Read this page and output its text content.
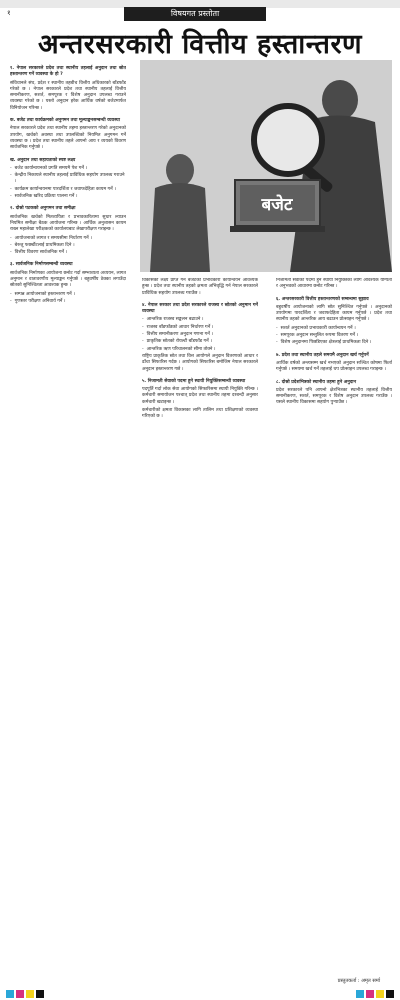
१	विषयगत प्रस्तोता
अन्तरसरकारी वित्तीय हस्तान्तरण

१. नेपाल सरकारले प्रदेश तथा स्थानीय तहलाई अनुदान तथा स्रोत हस्तान्तरण गर्ने व्यवस्था के हो ?

संविधानले संघ, प्रदेश र स्थानीय तहबीच वित्तीय अधिकारको बाँडफाँड गरेको छ । नेपाल सरकारले प्रदेश तथा स्थानीय तहलाई वित्तीय समानीकरण, सशर्त, समपूरक र विशेष अनुदान उपलब्ध गराउने व्यवस्था गरेको छ । यस्तो अनुदान हरेक आर्थिक वर्षको बजेटमार्फत विनियोजन गरिन्छ ।

क. बजेट तथा कार्यक्रमको अनुगमन तथा मूल्याङ्कनसम्बन्धी व्यवस्था

नेपाल सरकारले प्रदेश तथा स्थानीय तहमा हस्तान्तरण गरेको अनुदानको उपयोग, खर्चको अवस्था तथा उपलब्धिको नियमित अनुगमन गर्ने व्यवस्था छ । प्रदेश तथा स्थानीय तहले आफ्नो आय र व्ययको विवरण सार्वजनिक गर्नुपर्छ ।

ख. अनुदान तथा सहायताको स्पष्ट लक्ष्य

- बजेट कार्यान्वयनको प्रगति समयमै पेश गर्ने ।
- केन्द्रीय निकायले स्थानीय तहलाई प्राविधिक सहयोग उपलब्ध गराउने ।
- कार्यक्रम कार्यान्वयनमा पारदर्शिता र जवाफदेहिता कायम गर्ने ।
- सार्वजनिक खरिद प्रक्रिया पालना गर्ने ।

२. दोस्रो पटकको अनुगमन तथा समीक्षा

सार्वजनिक खर्चको मितव्ययिता र प्रभावकारितामा सुधार ल्याउन नियमित समीक्षा बैठक आयोजना गरिन्छ । आर्थिक अनुशासन कायम राख्न महालेखा परीक्षकको कार्यालयबाट लेखापरीक्षण गराइन्छ ।

- आयोजनाको लागत र समयसीमा निर्धारण गर्ने ।
- बेरुजु फर्छ्यौटलाई प्राथमिकता दिने ।
- वित्तीय विवरण सार्वजनिक गर्ने ।

३. सार्वजनिक निर्माणसम्बन्धी व्यवस्था

सार्वजनिक निर्माणका आयोजना छनोट गर्दा सम्भाव्यता अध्ययन, लागत अनुमान र वातावरणीय मूल्याङ्कन गर्नुपर्छ । बहुवर्षीय ठेक्का लगाउँदा स्रोतको सुनिश्चितता आवश्यक हुन्छ ।

- सम्पन्न आयोजनाको हस्तान्तरण गर्ने ।
- गुणस्तर परीक्षण अनिवार्य गर्ने ।
बजेट

विकासको लक्ष्य प्राप्त गर्न बजेटको प्रभावकारी कार्यान्वयन आवश्यक हुन्छ । प्रदेश तथा स्थानीय तहको क्षमता अभिवृद्धि गर्न नेपाल सरकारले प्राविधिक सहयोग उपलब्ध गराउँछ ।

४. नेपाल सरकार तथा प्रदेश सरकारले राजस्व र स्रोतको अनुमान गर्ने व्यवस्था

- आन्तरिक राजस्व सङ्कलन बढाउने ।
- राजस्व बाँडफाँडको आधार निर्धारण गर्ने ।
- वित्तीय समानीकरण अनुदान गणना गर्ने ।
- प्राकृतिक स्रोतको रोयल्टी बाँडफाँड गर्ने ।
- आन्तरिक ऋण परिचालनको सीमा तोक्ने ।

राष्ट्रिय प्राकृतिक स्रोत तथा वित्त आयोगले अनुदान वितरणको आधार र ढाँचा सिफारिस गर्दछ । आयोगको सिफारिस बमोजिम नेपाल सरकारले अनुदान हस्तान्तरण गर्छ ।

५. निजामती सेवाको पदमा हुने स्थायी नियुक्तिसम्बन्धी व्यवस्था

पदपूर्ति गर्दा लोक सेवा आयोगको सिफारिसमा स्थायी नियुक्ति गरिन्छ । कर्मचारी समायोजन पश्चात् प्रदेश तथा स्थानीय तहमा दरबन्दी अनुसार कर्मचारी खटाइन्छ ।

कर्मचारीको क्षमता विकासका लागि तालिम तथा प्रशिक्षणको व्यवस्था गरिएको छ ।

निजामती सेवाको पदमा हुने स्थायी नियुक्तिका लागि आवश्यक योग्यता र अनुभवको आधारमा छनोट गरिन्छ ।

६. अन्तरसरकारी वित्तीय हस्तान्तरणको सम्बन्धमा सुझाव

बहुवर्षीय आयोजनाको लागि स्रोत सुनिश्चित गर्नुपर्छ । अनुदानको उपयोगमा पारदर्शिता र जवाफदेहिता कायम गर्नुपर्छ । प्रदेश तथा स्थानीय तहको आन्तरिक आय बढाउन प्रोत्साहन गर्नुपर्छ ।

- सशर्त अनुदानको प्रभावकारी कार्यान्वयन गर्ने ।
- समपूरक अनुदान सन्तुलित रूपमा वितरण गर्ने ।
- विशेष अनुदानमा पिछडिएका क्षेत्रलाई प्राथमिकता दिने ।

७. प्रदेश तथा स्थानीय तहले समयमै अनुदान खर्च गर्नुपर्ने

आर्थिक वर्षको अन्त्यसम्म खर्च नभएको अनुदान सञ्चित कोषमा फिर्ता गर्नुपर्छ । समयमा खर्च गर्ने तहलाई थप प्रोत्साहन उपलब्ध गराइन्छ ।

८. दोस्रो प्रदेशभित्रको स्थानीय तहमा हुने अनुदान

प्रदेश सरकारले पनि आफ्नो क्षेत्रभित्रका स्थानीय तहलाई वित्तीय समानीकरण, सशर्त, समपूरक र विशेष अनुदान उपलब्ध गराउँछ । यसले स्थानीय विकासमा सहयोग पुर्‍याउँछ ।

प्रस्तुतकर्ता : अमृत सर्मा
